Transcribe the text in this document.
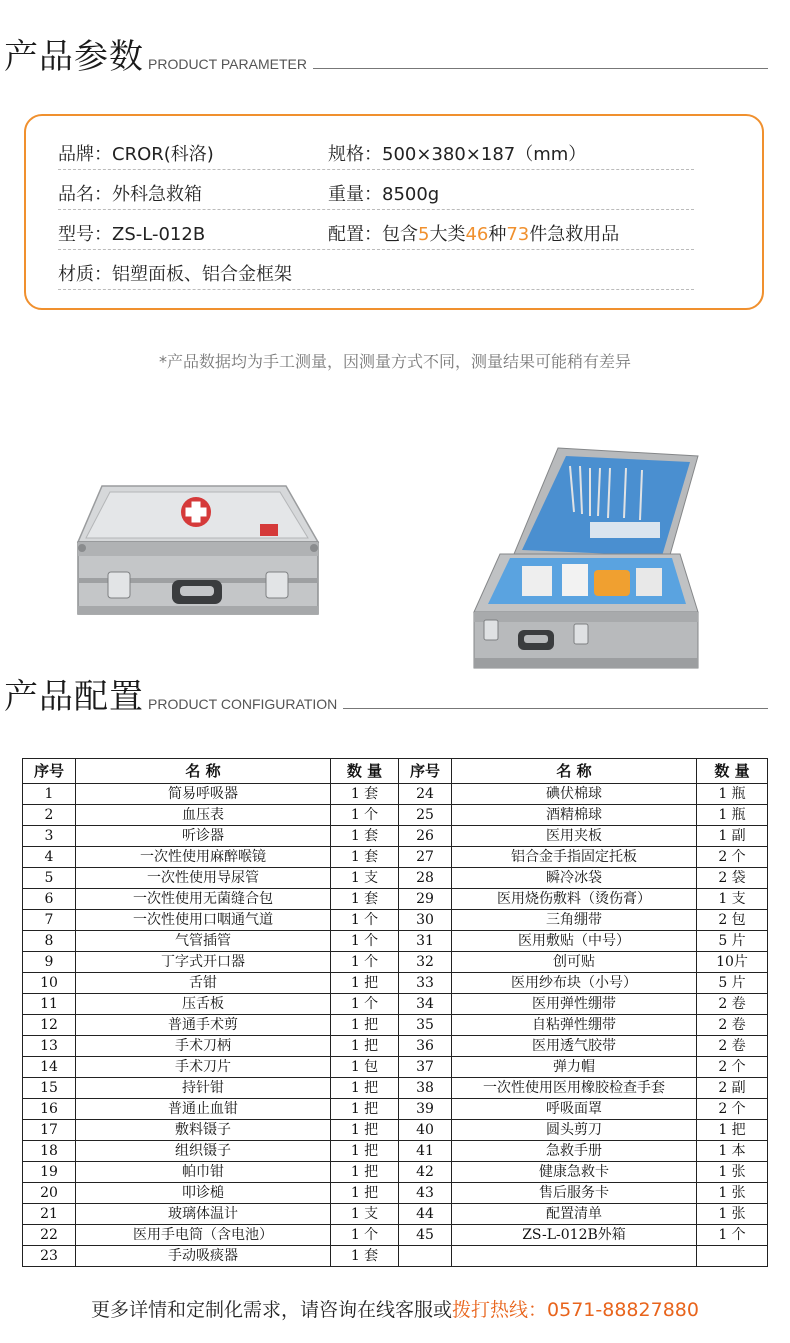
产品参数 PRODUCT PARAMETER
品牌：CROR(科洛)	规格：500×380×187（mm）
品名：外科急救箱	重量：8500g
型号：ZS-L-012B	配置：包含5大类46种73件急救用品
材质：铝塑面板、铝合金框架
*产品数据均为手工测量，因测量方式不同，测量结果可能稍有差异
产品配置 PRODUCT CONFIGURATION
序号	名 称	数 量	序号	名 称	数 量
1	简易呼吸器	1 套	24	碘伏棉球	1 瓶
2	血压表	1 个	25	酒精棉球	1 瓶
3	听诊器	1 套	26	医用夹板	1 副
4	一次性使用麻醉喉镜	1 套	27	铝合金手指固定托板	2 个
5	一次性使用导尿管	1 支	28	瞬冷冰袋	2 袋
6	一次性使用无菌缝合包	1 套	29	医用烧伤敷料（烫伤膏）	1 支
7	一次性使用口咽通气道	1 个	30	三角绷带	2 包
8	气管插管	1 个	31	医用敷贴（中号）	5 片
9	丁字式开口器	1 个	32	创可贴	10片
10	舌钳	1 把	33	医用纱布块（小号）	5 片
11	压舌板	1 个	34	医用弹性绷带	2 卷
12	普通手术剪	1 把	35	自粘弹性绷带	2 卷
13	手术刀柄	1 把	36	医用透气胶带	2 卷
14	手术刀片	1 包	37	弹力帽	2 个
15	持针钳	1 把	38	一次性使用医用橡胶检查手套	2 副
16	普通止血钳	1 把	39	呼吸面罩	2 个
17	敷料镊子	1 把	40	圆头剪刀	1 把
18	组织镊子	1 把	41	急救手册	1 本
19	帕巾钳	1 把	42	健康急救卡	1 张
20	叩诊槌	1 把	43	售后服务卡	1 张
21	玻璃体温计	1 支	44	配置清单	1 张
22	医用手电筒（含电池）	1 个	45	ZS-L-012B外箱	1 个
23	手动吸痰器	1 套			
更多详情和定制化需求，请咨询在线客服或拨打热线：0571-88827880
